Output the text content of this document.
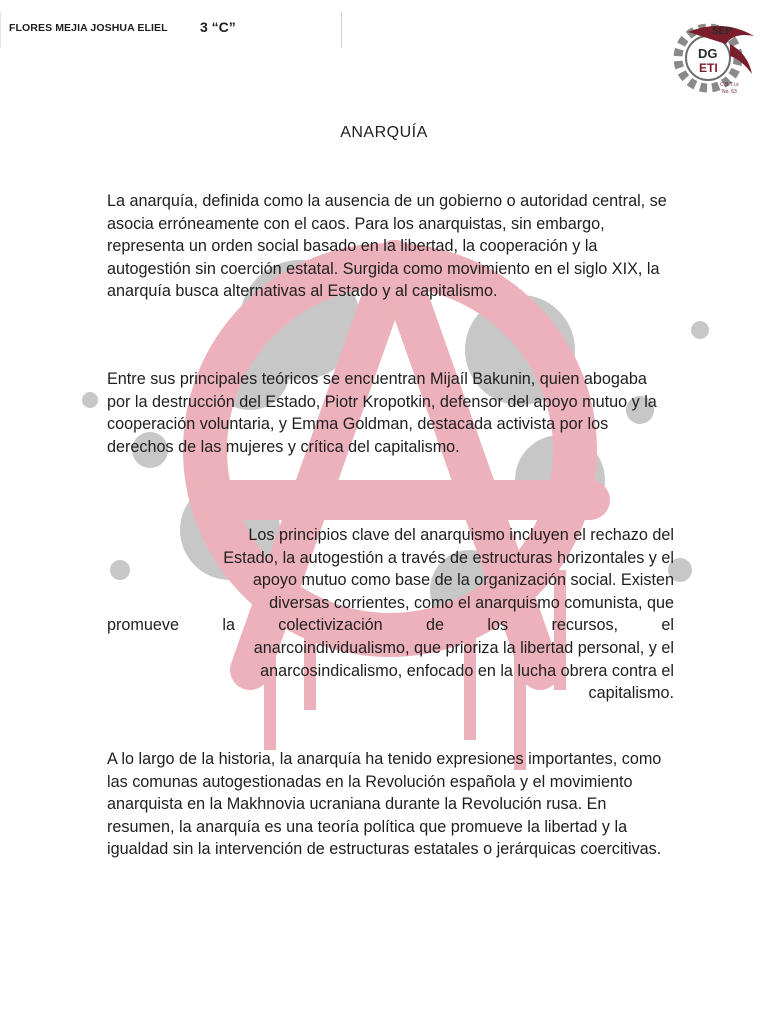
FLORES MEJIA JOSHUA ELIEL 3 “C”	SEP
DG
ETI
C.B.T.i.s
No. 63
ANARQUÍA

La anarquía, definida como la ausencia de un gobierno o autoridad central, se asocia erróneamente con el caos. Para los anarquistas, sin embargo, representa un orden social basado en la libertad, la cooperación y la autogestión sin coerción estatal. Surgida como movimiento en el siglo XIX, la anarquía busca alternativas al Estado y al capitalismo.

Entre sus principales teóricos se encuentran Mijaíl Bakunin, quien abogaba por la destrucción del Estado, Piotr Kropotkin, defensor del apoyo mutuo y la cooperación voluntaria, y Emma Goldman, destacada activista por los derechos de las mujeres y crítica del capitalismo.

Los principios clave del anarquismo incluyen el rechazo del
Estado, la autogestión a través de estructuras horizontales y el
apoyo mutuo como base de la organización social. Existen
diversas corrientes, como el anarquismo comunista, que
promueve la colectivización de los recursos, el
anarcoindividualismo, que prioriza la libertad personal, y el
anarcosindicalismo, enfocado en la lucha obrera contra el
capitalismo.

A lo largo de la historia, la anarquía ha tenido expresiones importantes, como las comunas autogestionadas en la Revolución española y el movimiento anarquista en la Makhnovia ucraniana durante la Revolución rusa. En resumen, la anarquía es una teoría política que promueve la libertad y la igualdad sin la intervención de estructuras estatales o jerárquicas coercitivas.
